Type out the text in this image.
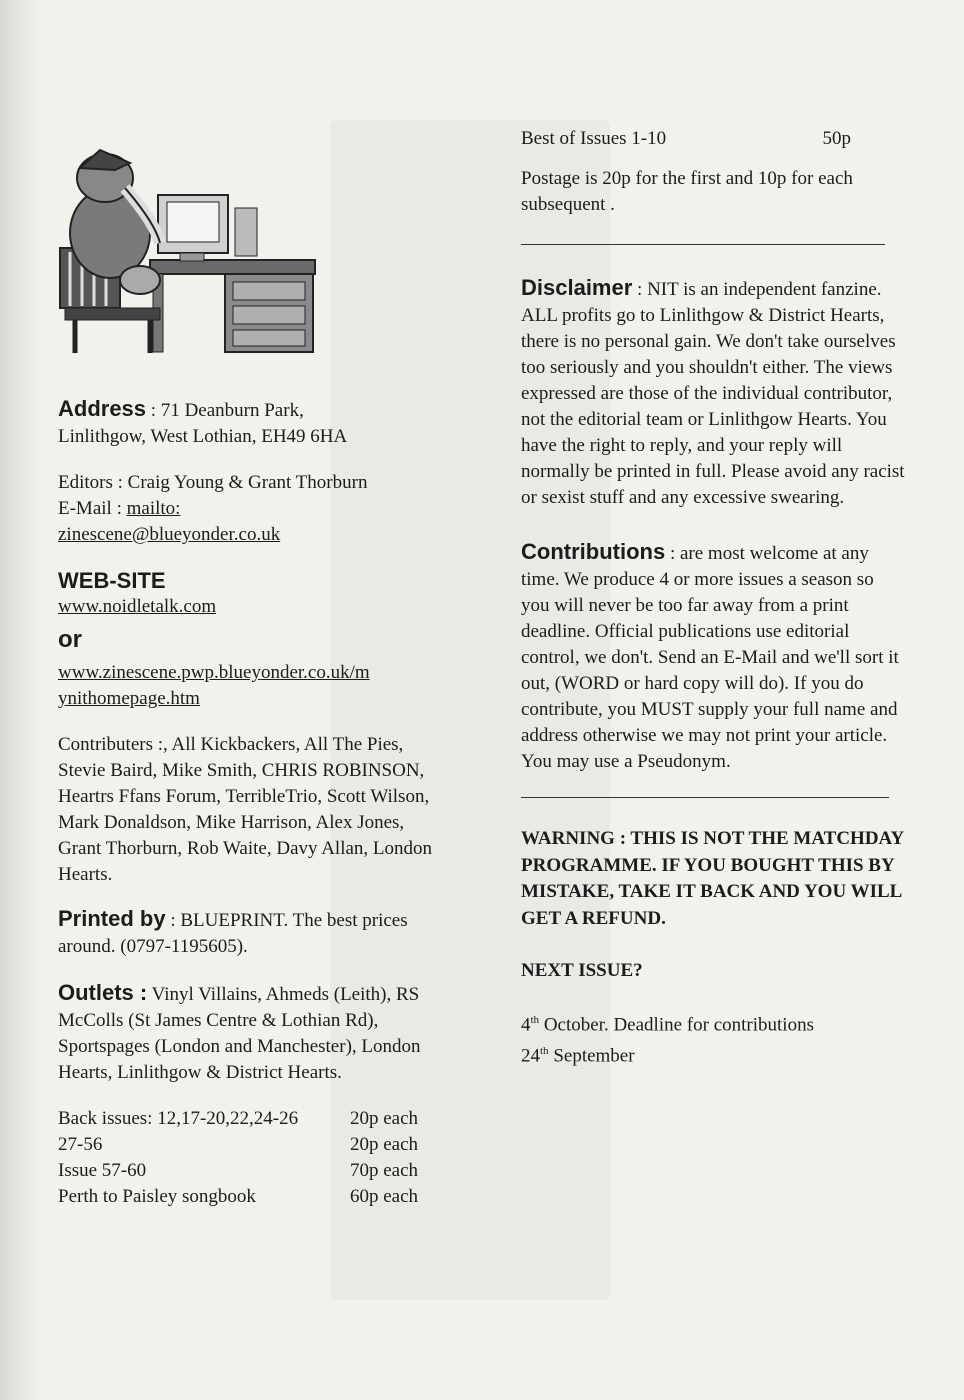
Address : 71 Deanburn Park,
Linlithgow, West Lothian, EH49 6HA

Editors : Craig Young & Grant Thorburn
E-Mail : mailto:
zinescene@blueyonder.co.uk

WEB-SITE

www.noidletalk.com

or

www.zinescene.pwp.blueyonder.co.uk/m
ynithomepage.htm

Contributers :, All Kickbackers, All The Pies, Stevie Baird, Mike Smith, CHRIS ROBINSON, Heartrs Ffans Forum, TerribleTrio, Scott Wilson, Mark Donaldson, Mike Harrison, Alex Jones, Grant Thorburn, Rob Waite, Davy Allan, London Hearts.

Printed by : BLUEPRINT. The best prices around. (0797-1195605).

Outlets : Vinyl Villains, Ahmeds (Leith), RS McColls (St James Centre & Lothian Rd), Sportspages (London and Manchester), London Hearts, Linlithgow & District Hearts.

Back issues: 12,17-20,22,24-26	20p each
27-56	20p each
Issue 57-60	70p each
Perth to Paisley songbook	60p each

Best of Issues 1-10	50p

Postage is 20p for the first and 10p for each subsequent .

Disclaimer : NIT is an independent fanzine. ALL profits go to Linlithgow & District Hearts, there is no personal gain. We don't take ourselves too seriously and you shouldn't either. The views expressed are those of the individual contributor, not the editorial team or Linlithgow Hearts. You have the right to reply, and your reply will normally be printed in full. Please avoid any racist or sexist stuff and any excessive swearing.

Contributions : are most welcome at any time. We produce 4 or more issues a season so you will never be too far away from a print deadline. Official publications use editorial control, we don't. Send an E-Mail and we'll sort it out, (WORD or hard copy will do). If you do contribute, you MUST supply your full name and address otherwise we may not print your article. You may use a Pseudonym.

WARNING : THIS IS NOT THE MATCHDAY PROGRAMME. IF YOU BOUGHT THIS BY MISTAKE, TAKE IT BACK AND YOU WILL GET A REFUND.

NEXT ISSUE?

4th October. Deadline for contributions
24th September
